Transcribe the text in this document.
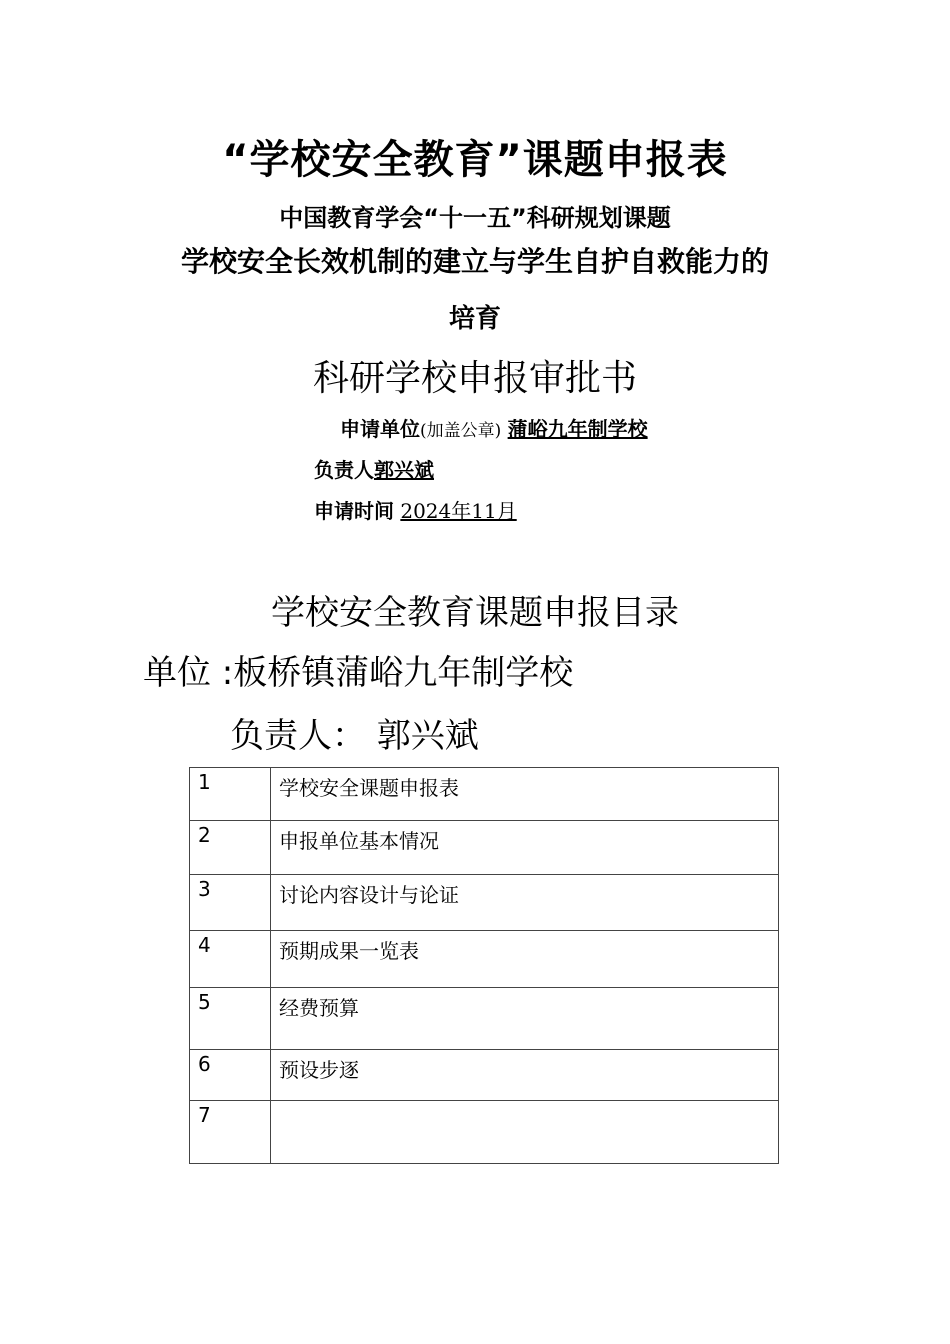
“学校安全教育”课题申报表
中国教育学会“十一五”科研规划课题
学校安全长效机制的建立与学生自护自救能力的
培育
科研学校申报审批书
申请单位(加盖公章) 蒲峪九年制学校
负责人郭兴斌
申请时间 2024年11月
学校安全教育课题申报目录
单位 :板桥镇蒲峪九年制学校
负责人： 郭兴斌
1	学校安全课题申报表
2	申报单位基本情况
3	讨论内容设计与论证
4	预期成果一览表
5	经费预算
6	预设步逐
7	
